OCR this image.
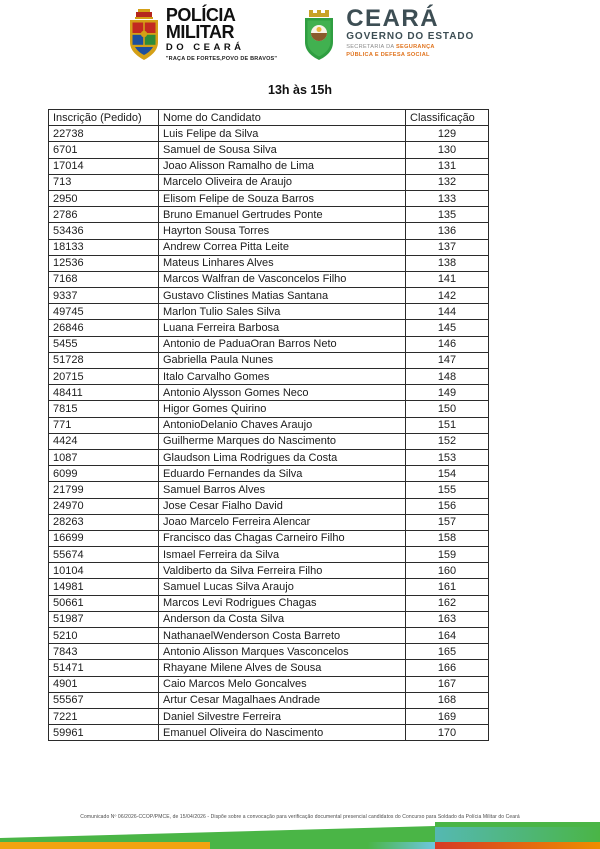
POLÍCIA
MILITAR
DO CEARÁ
"RAÇA DE FORTES,POVO DE BRAVOS"
CEARÁ
GOVERNO DO ESTADO
SECRETARIA DA SEGURANÇA
PÚBLICA E DEFESA SOCIAL
13h às 15h
Inscrição (Pedido)	Nome do Candidato	Classificação
22738	Luis Felipe da Silva	129
6701	Samuel de Sousa Silva	130
17014	Joao Alisson Ramalho de Lima	131
713	Marcelo Oliveira de Araujo	132
2950	Elisom Felipe de Souza Barros	133
2786	Bruno Emanuel Gertrudes Ponte	135
53436	Hayrton Sousa Torres	136
18133	Andrew Correa Pitta Leite	137
12536	Mateus Linhares Alves	138
7168	Marcos Walfran de Vasconcelos Filho	141
9337	Gustavo Clistines Matias Santana	142
49745	Marlon Tulio Sales Silva	144
26846	Luana Ferreira Barbosa	145
5455	Antonio de PaduaOran Barros Neto	146
51728	Gabriella Paula Nunes	147
20715	Italo Carvalho Gomes	148
48411	Antonio Alysson Gomes Neco	149
7815	Higor Gomes Quirino	150
771	AntonioDelanio Chaves Araujo	151
4424	Guilherme Marques do Nascimento	152
1087	Glaudson Lima Rodrigues da Costa	153
6099	Eduardo Fernandes da Silva	154
21799	Samuel Barros Alves	155
24970	Jose Cesar Fialho David	156
28263	Joao Marcelo Ferreira Alencar	157
16699	Francisco das Chagas Carneiro Filho	158
55674	Ismael Ferreira da Silva	159
10104	Valdiberto da Silva Ferreira Filho	160
14981	Samuel Lucas Silva Araujo	161
50661	Marcos Levi Rodrigues Chagas	162
51987	Anderson da Costa Silva	163
5210	NathanaelWenderson Costa Barreto	164
7843	Antonio Alisson Marques Vasconcelos	165
51471	Rhayane Milene Alves de Sousa	166
4901	Caio Marcos Melo Goncalves	167
55567	Artur Cesar Magalhaes Andrade	168
7221	Daniel Silvestre Ferreira	169
59961	Emanuel Oliveira do Nascimento	170
Comunicado Nº 06/2026-CCOP/PMCE, de 15/04/2026 - Dispõe sobre a convocação para verificação documental presencial candidatos do Concurso para Soldado da Polícia Militar do Ceará
